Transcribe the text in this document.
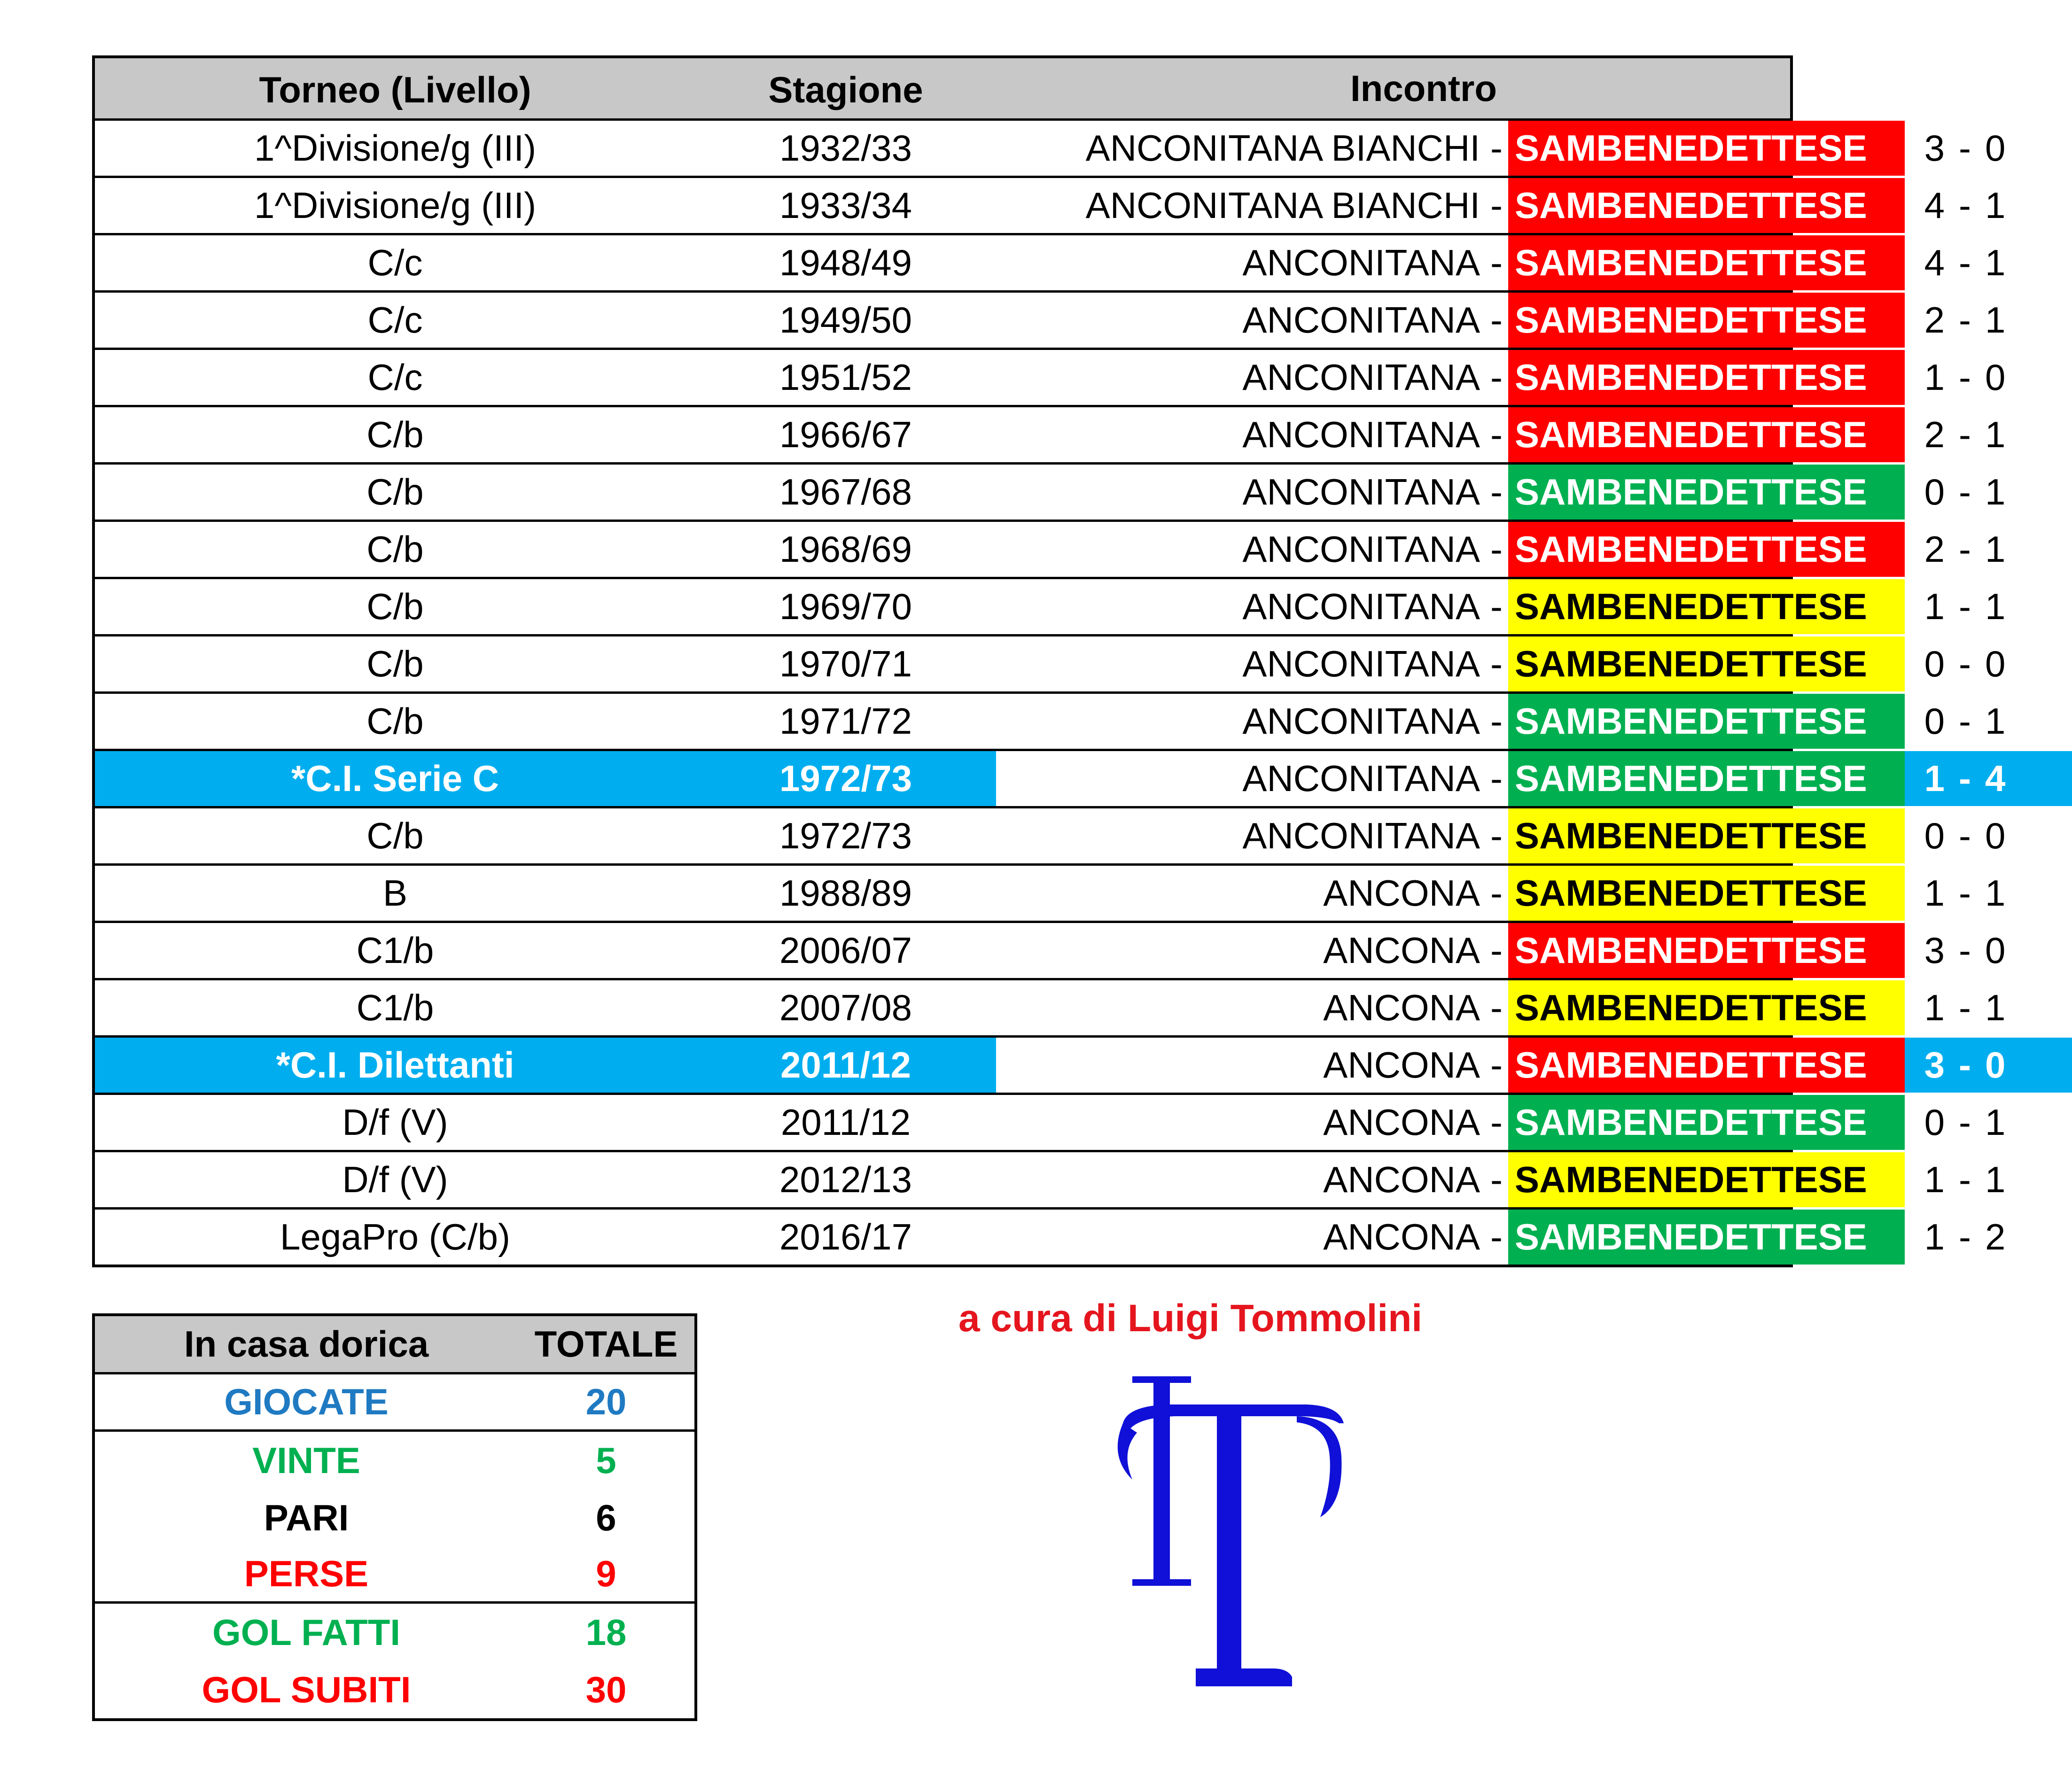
Torneo (Livello)	Stagione	Incontro
1^Divisione/g (III)	1932/33	ANCONITANA BIANCHI - SAMBENEDETTESE	3 - 0
1^Divisione/g (III)	1933/34	ANCONITANA BIANCHI - SAMBENEDETTESE	4 - 1
C/c	1948/49	ANCONITANA - SAMBENEDETTESE	4 - 1
C/c	1949/50	ANCONITANA - SAMBENEDETTESE	2 - 1
C/c	1951/52	ANCONITANA - SAMBENEDETTESE	1 - 0
C/b	1966/67	ANCONITANA - SAMBENEDETTESE	2 - 1
C/b	1967/68	ANCONITANA - SAMBENEDETTESE	0 - 1
C/b	1968/69	ANCONITANA - SAMBENEDETTESE	2 - 1
C/b	1969/70	ANCONITANA - SAMBENEDETTESE	1 - 1
C/b	1970/71	ANCONITANA - SAMBENEDETTESE	0 - 0
C/b	1971/72	ANCONITANA - SAMBENEDETTESE	0 - 1
*C.I. Serie C	1972/73	ANCONITANA - SAMBENEDETTESE	1 - 4
C/b	1972/73	ANCONITANA - SAMBENEDETTESE	0 - 0
B	1988/89	ANCONA - SAMBENEDETTESE	1 - 1
C1/b	2006/07	ANCONA - SAMBENEDETTESE	3 - 0
C1/b	2007/08	ANCONA - SAMBENEDETTESE	1 - 1
*C.I. Dilettanti	2011/12	ANCONA - SAMBENEDETTESE	3 - 0
D/f (V)	2011/12	ANCONA - SAMBENEDETTESE	0 - 1
D/f (V)	2012/13	ANCONA - SAMBENEDETTESE	1 - 1
LegaPro (C/b)	2016/17	ANCONA - SAMBENEDETTESE	1 - 2
In casa dorica	TOTALE
GIOCATE	20
VINTE	5
PARI	6
PERSE	9
GOL FATTI	18
GOL SUBITI	30
a cura di Luigi Tommolini
